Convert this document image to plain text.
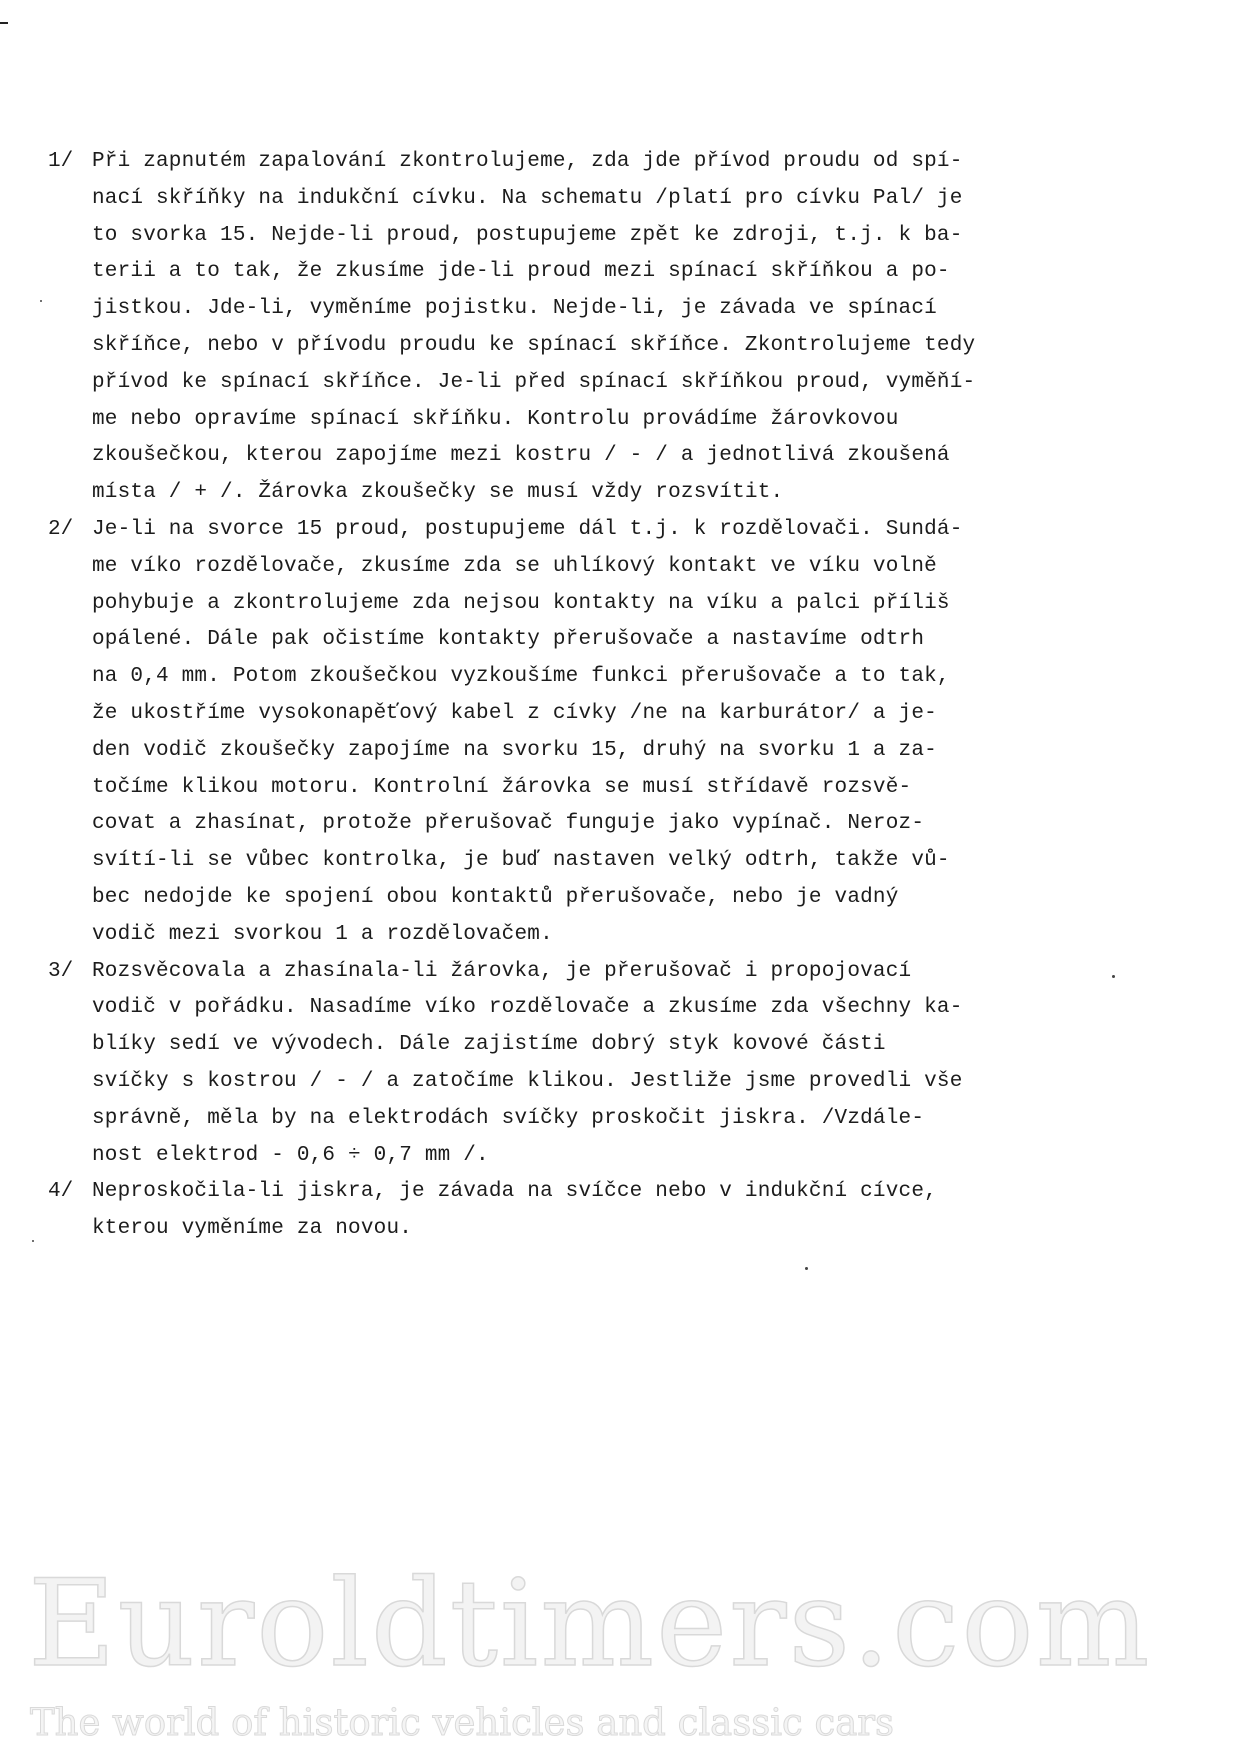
1/ Při zapnutém zapalování zkontrolujeme, zda jde přívod proudu od spí-
nací skříňky na indukční cívku. Na schematu /platí pro cívku Pal/ je
to svorka 15. Nejde-li proud, postupujeme zpět ke zdroji, t.j. k ba-
terii a to tak, že zkusíme jde-li proud mezi spínací skříňkou a po-
jistkou. Jde-li, vyměníme pojistku. Nejde-li, je závada ve spínací
skříňce, nebo v přívodu proudu ke spínací skříňce. Zkontrolujeme tedy
přívod ke spínací skříňce. Je-li před spínací skříňkou proud, vyměňí-
me nebo opravíme spínací skříňku. Kontrolu provádíme žárovkovou
zkoušečkou, kterou zapojíme mezi kostru / - / a jednotlivá zkoušená
místa / + /. Žárovka zkoušečky se musí vždy rozsvítit.
2/ Je-li na svorce 15 proud, postupujeme dál t.j. k rozdělovači. Sundá-
me víko rozdělovače, zkusíme zda se uhlíkový kontakt ve víku volně
pohybuje a zkontrolujeme zda nejsou kontakty na víku a palci příliš
opálené. Dále pak očistíme kontakty přerušovače a nastavíme odtrh
na 0,4 mm. Potom zkoušečkou vyzkoušíme funkci přerušovače a to tak,
že ukostříme vysokonapěťový kabel z cívky /ne na karburátor/ a je-
den vodič zkoušečky zapojíme na svorku 15, druhý na svorku 1 a za-
točíme klikou motoru. Kontrolní žárovka se musí střídavě rozsvě-
covat a zhasínat, protože přerušovač funguje jako vypínač. Neroz-
svítí-li se vůbec kontrolka, je buď nastaven velký odtrh, takže vů-
bec nedojde ke spojení obou kontaktů přerušovače, nebo je vadný
vodič mezi svorkou 1 a rozdělovačem.
3/ Rozsvěcovala a zhasínala-li žárovka, je přerušovač i propojovací
vodič v pořádku. Nasadíme víko rozdělovače a zkusíme zda všechny ka-
blíky sedí ve vývodech. Dále zajistíme dobrý styk kovové části
svíčky s kostrou / - / a zatočíme klikou. Jestliže jsme provedli vše
správně, měla by na elektrodách svíčky proskočit jiskra. /Vzdále-
nost elektrod - 0,6 ÷ 0,7 mm /.
4/ Neproskočila-li jiskra, je závada na svíčce nebo v indukční cívce,
kterou vyměníme za novou.
Euroldtimers.com
The world of historic vehicles and classic cars
